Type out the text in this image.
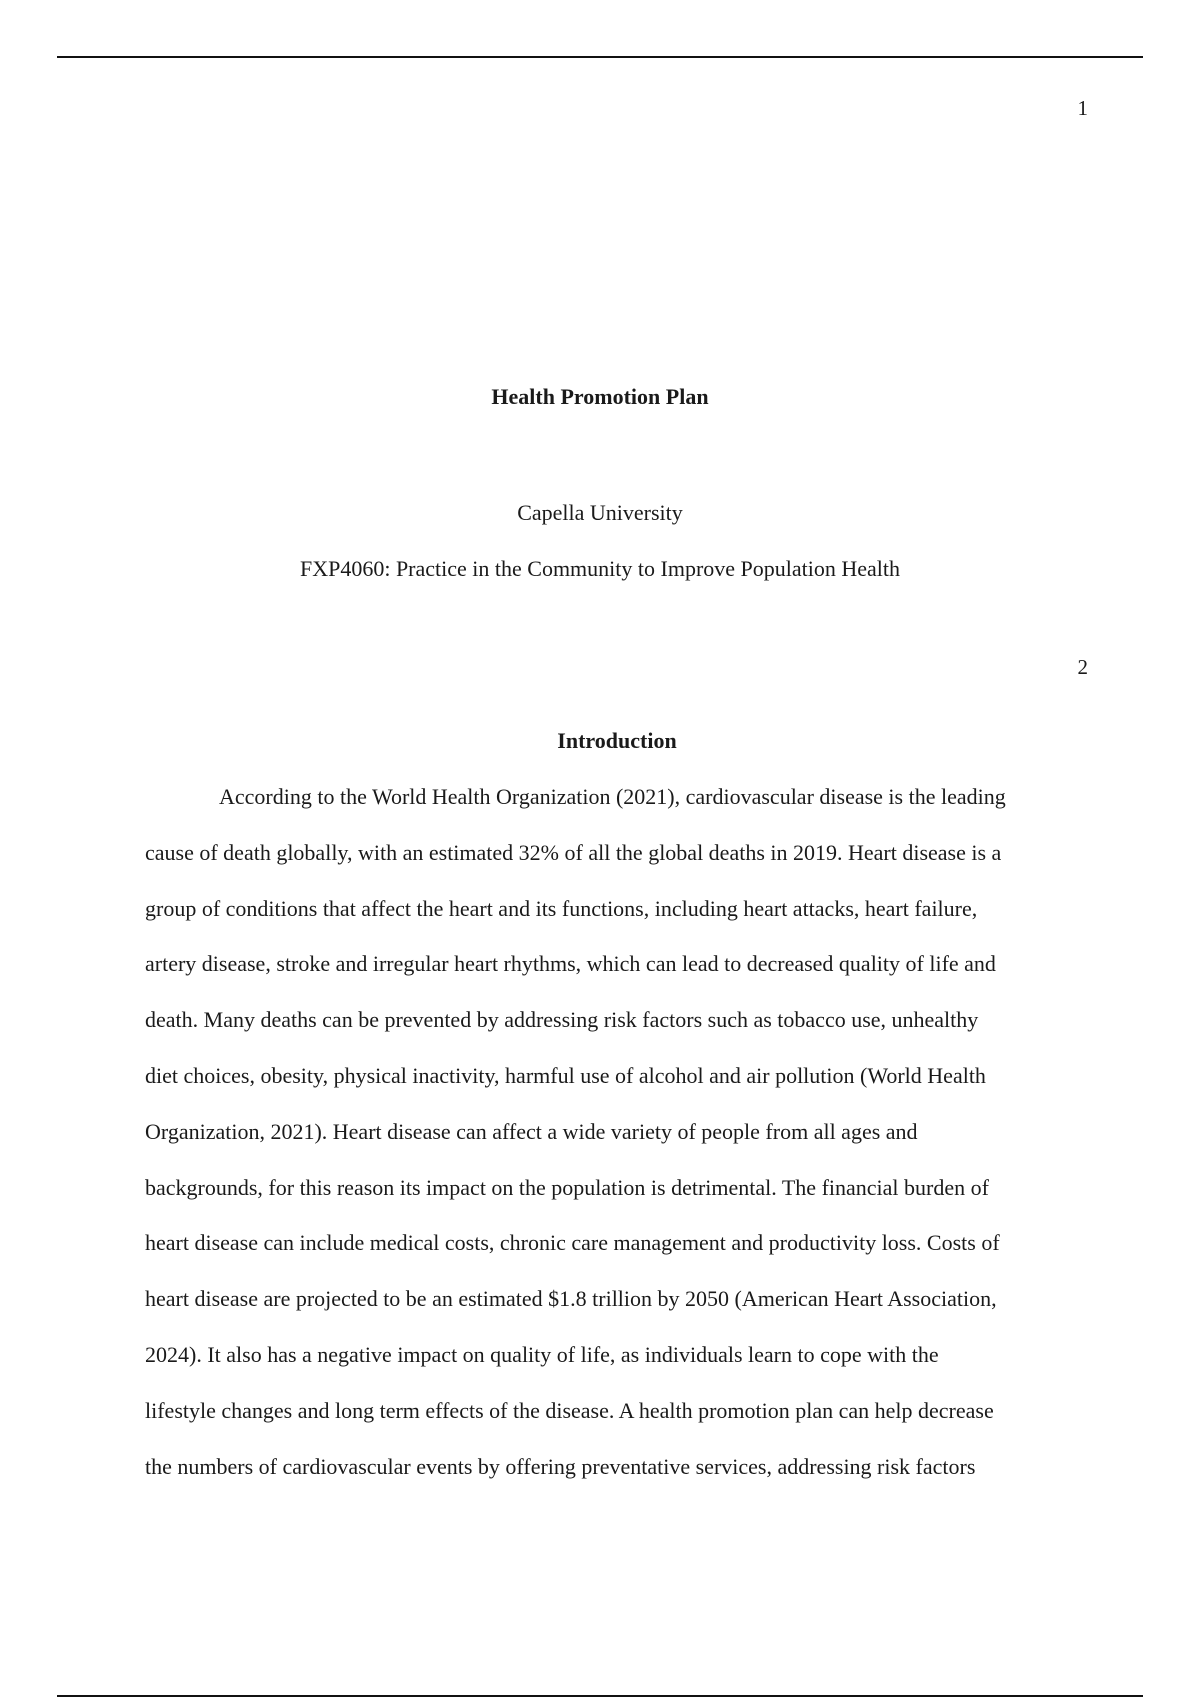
1
Health Promotion Plan
Capella University
FXP4060: Practice in the Community to Improve Population Health
2
Introduction
According to the World Health Organization (2021), cardiovascular disease is the leading
cause of death globally, with an estimated 32% of all the global deaths in 2019. Heart disease is a
group of conditions that affect the heart and its functions, including heart attacks, heart failure,
artery disease, stroke and irregular heart rhythms, which can lead to decreased quality of life and
death. Many deaths can be prevented by addressing risk factors such as tobacco use, unhealthy
diet choices, obesity, physical inactivity, harmful use of alcohol and air pollution (World Health
Organization, 2021). Heart disease can affect a wide variety of people from all ages and
backgrounds, for this reason its impact on the population is detrimental. The financial burden of
heart disease can include medical costs, chronic care management and productivity loss. Costs of
heart disease are projected to be an estimated $1.8 trillion by 2050 (American Heart Association,
2024). It also has a negative impact on quality of life, as individuals learn to cope with the
lifestyle changes and long term effects of the disease. A health promotion plan can help decrease
the numbers of cardiovascular events by offering preventative services, addressing risk factors
